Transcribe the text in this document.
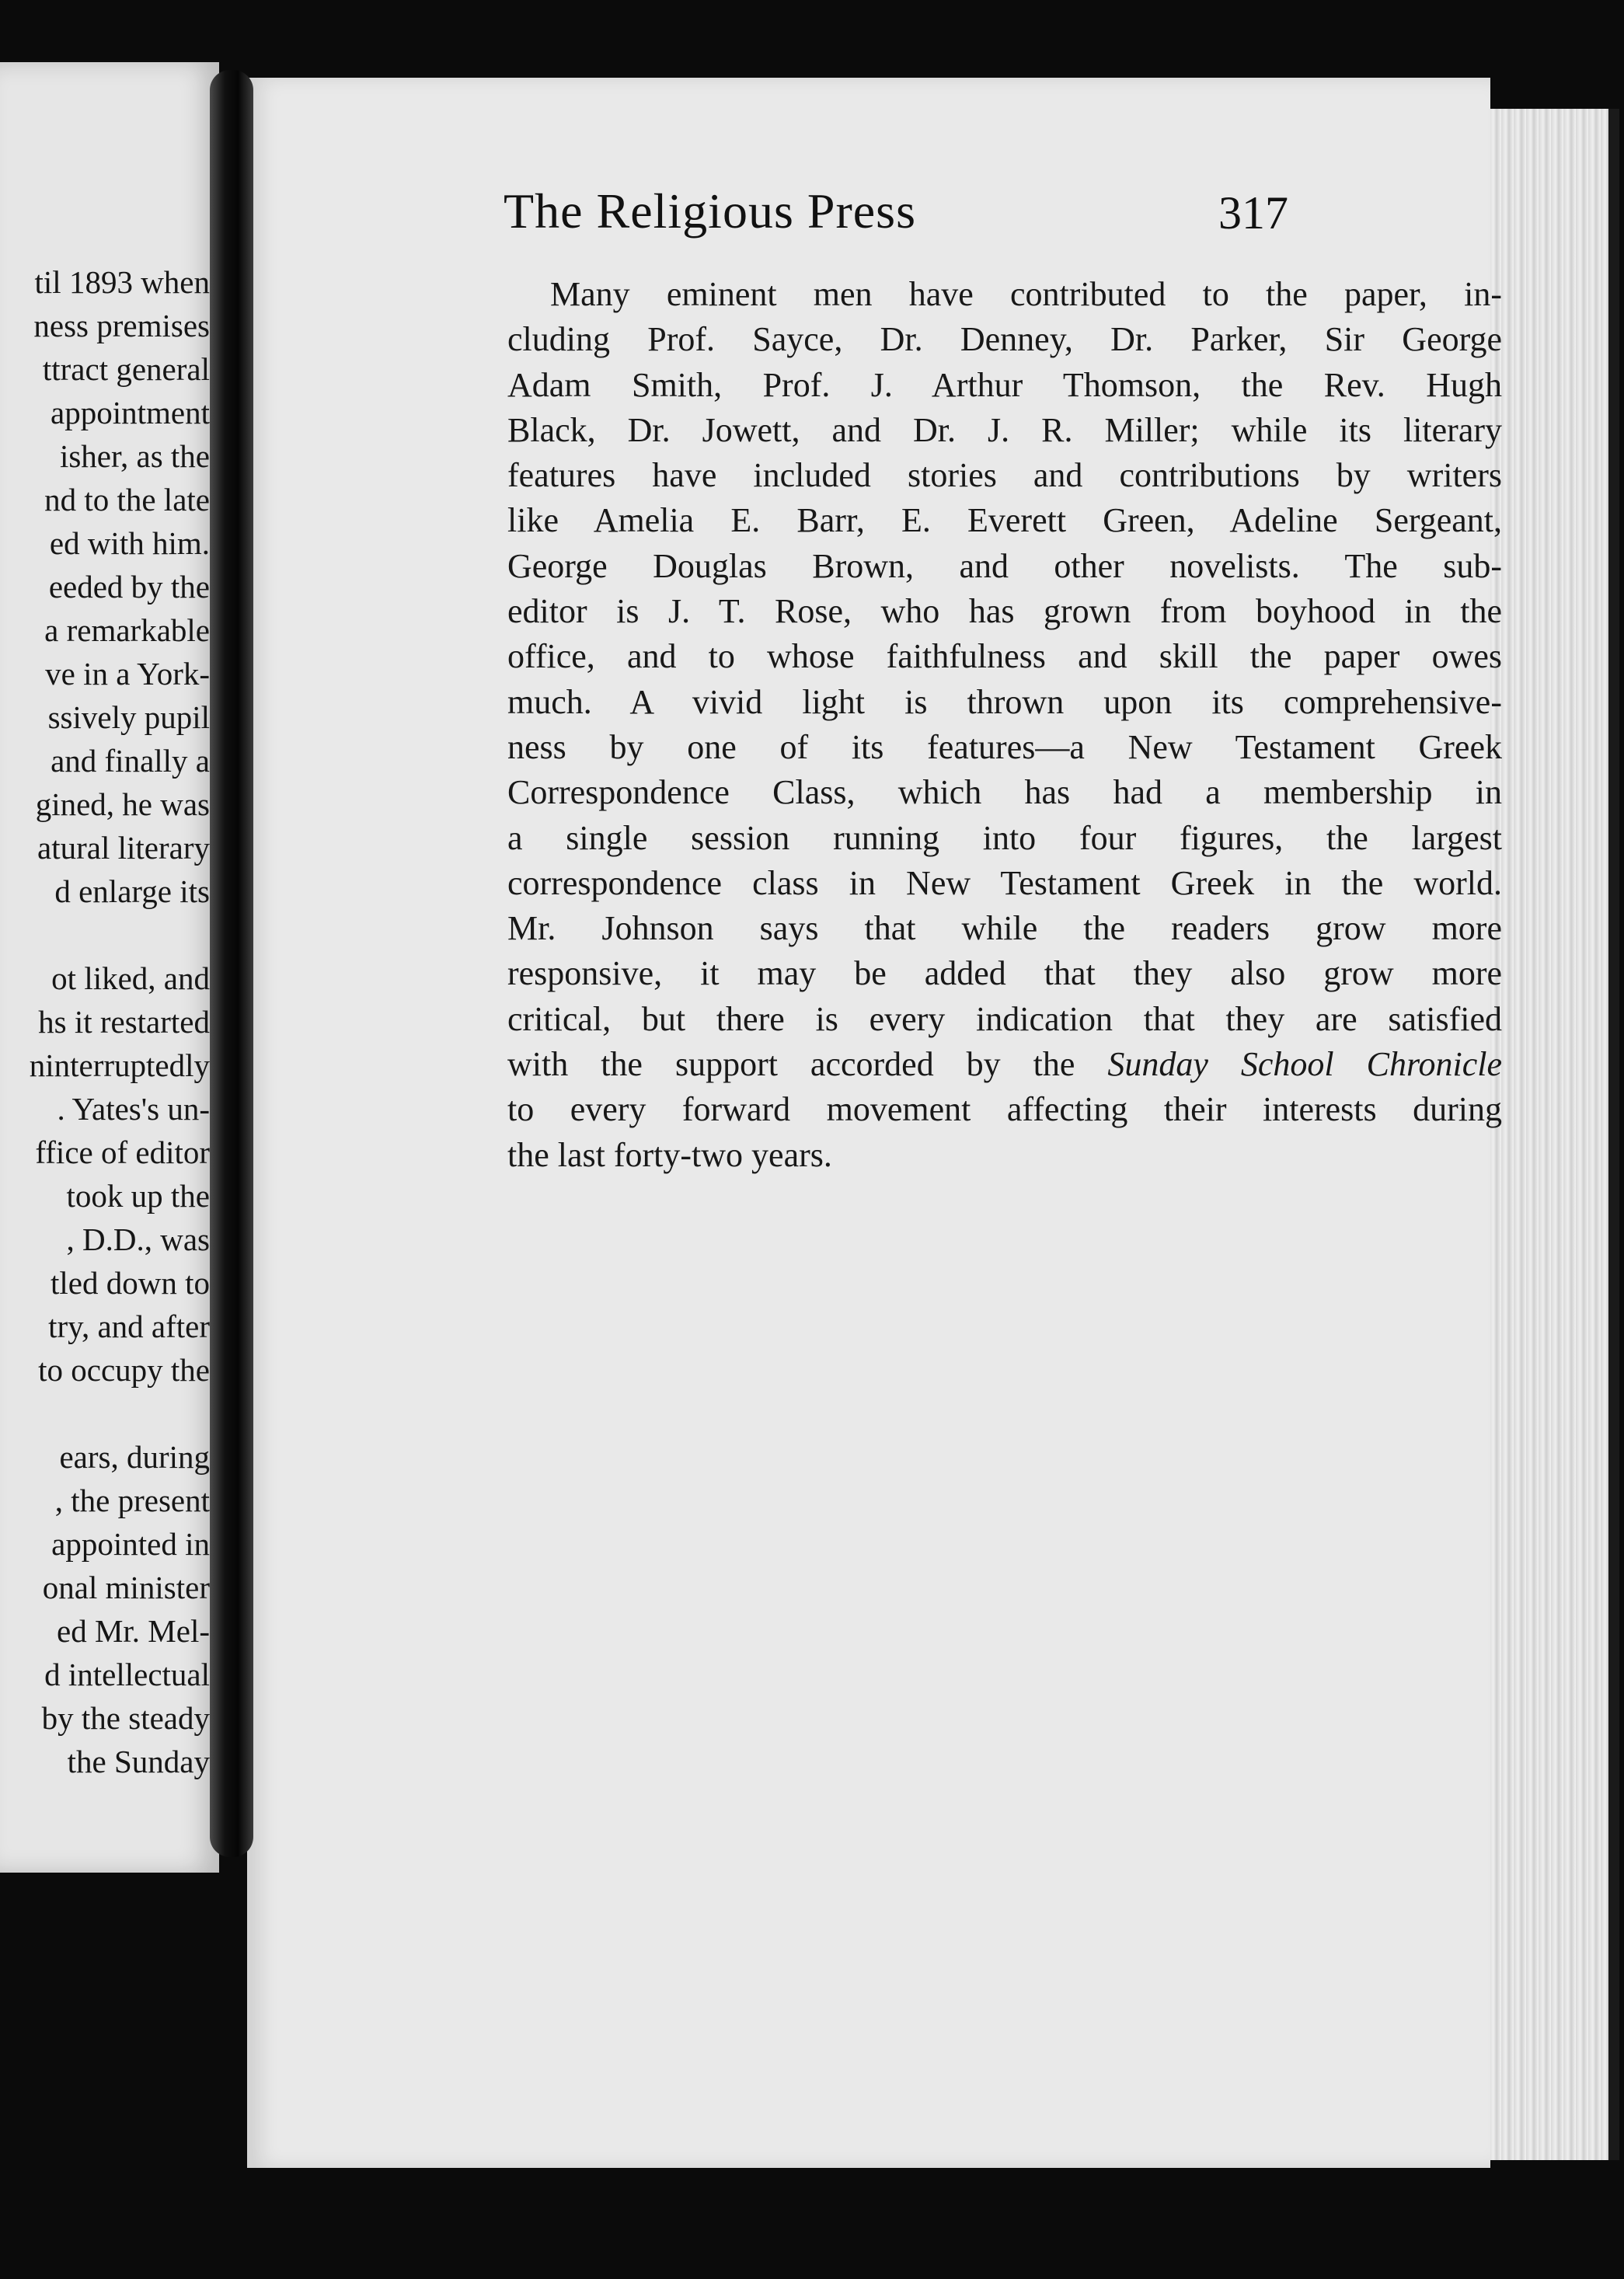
til 1893 when
ness premises
ttract general
appointment
isher, as the
nd to the late
ed with him.
eeded by the
a remarkable
ve in a York-
ssively pupil
and finally a
gined, he was
atural literary
d enlarge its
ot liked, and
hs it restarted
ninterruptedly
. Yates's un-
ffice of editor
took up the
, D.D., was
tled down to
try, and after
to occupy the
ears, during
, the present
appointed in
onal minister
ed Mr. Mel-
d intellectual
by the steady
the Sunday
The Religious Press	317
Many eminent men have contributed to the paper, in-
cluding Prof. Sayce, Dr. Denney, Dr. Parker, Sir George
Adam Smith, Prof. J. Arthur Thomson, the Rev. Hugh
Black, Dr. Jowett, and Dr. J. R. Miller; while its literary
features have included stories and contributions by writers
like Amelia E. Barr, E. Everett Green, Adeline Sergeant,
George Douglas Brown, and other novelists. The sub-
editor is J. T. Rose, who has grown from boyhood in the
office, and to whose faithfulness and skill the paper owes
much. A vivid light is thrown upon its comprehensive-
ness by one of its features—a New Testament Greek
Correspondence Class, which has had a membership in
a single session running into four figures, the largest
correspondence class in New Testament Greek in the world.
Mr. Johnson says that while the readers grow more
responsive, it may be added that they also grow more
critical, but there is every indication that they are satisfied
with the support accorded by the Sunday School Chronicle
to every forward movement affecting their interests during
the last forty-two years.
